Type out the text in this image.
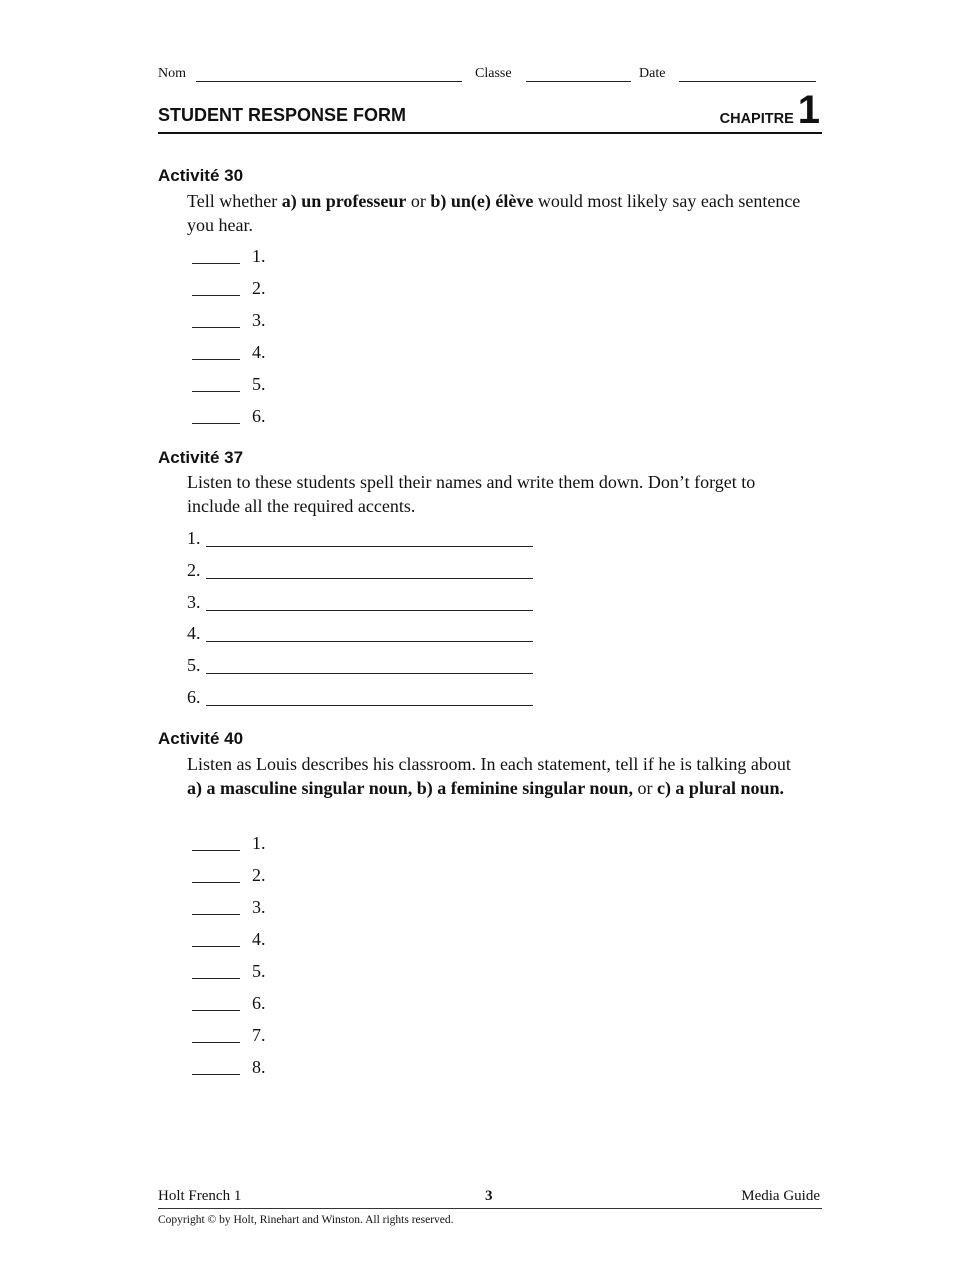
Nom	Classe	Date
STUDENT RESPONSE FORM	CHAPITRE 1
Activité 30
Tell whether a) un professeur or b) un(e) élève would most likely say each sentence you hear.
1.
2.
3.
4.
5.
6.
Activité 37
Listen to these students spell their names and write them down. Don’t forget to include all the required accents.
1.
2.
3.
4.
5.
6.
Activité 40
Listen as Louis describes his classroom. In each statement, tell if he is talking about a) a masculine singular noun, b) a feminine singular noun, or c) a plural noun.
1.
2.
3.
4.
5.
6.
7.
8.
Holt French 1	3	Media Guide
Copyright © by Holt, Rinehart and Winston. All rights reserved.
